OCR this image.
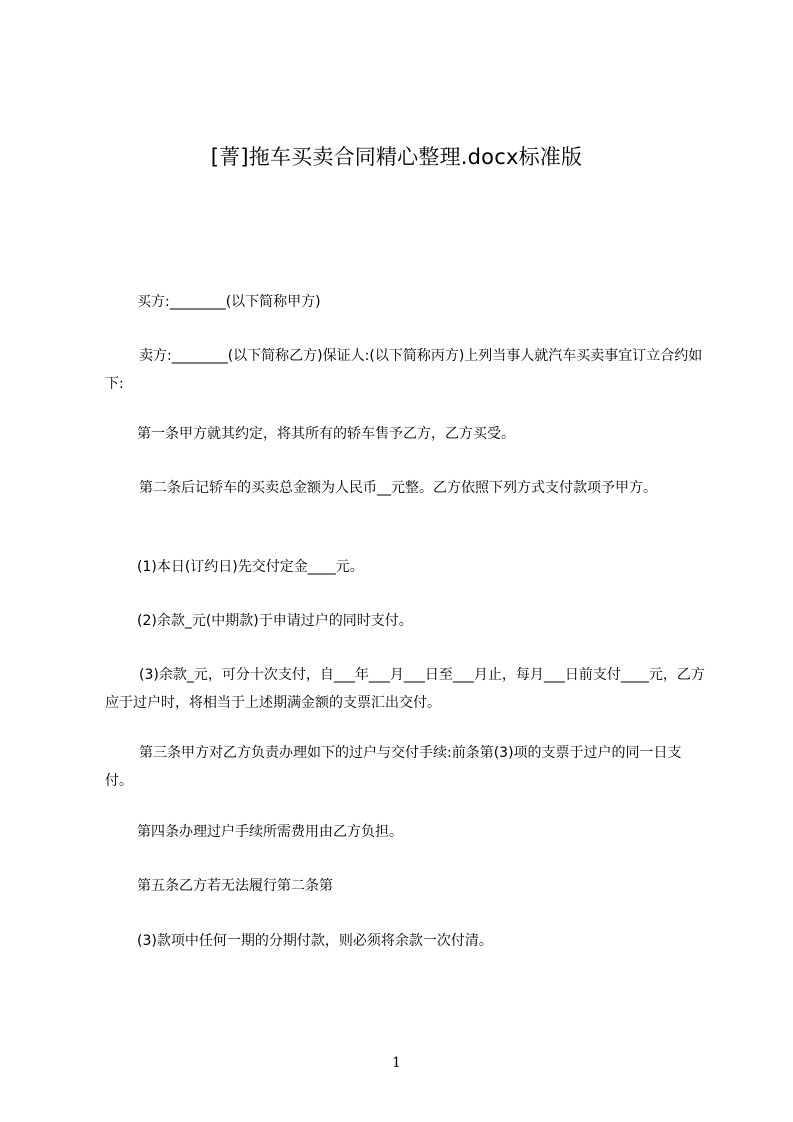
[菁]拖车买卖合同精心整理.docx标准版

买方:________(以下简称甲方)

卖方:________(以下简称乙方)保证人:(以下简称丙方)上列当事人就汽车买卖事宜订立合约如下:

第一条甲方就其约定，将其所有的轿车售予乙方，乙方买受。

第二条后记轿车的买卖总金额为人民币__元整。乙方依照下列方式支付款项予甲方。

(1)本日(订约日)先交付定金____元。

(2)余款_元(中期款)于申请过户的同时支付。

(3)余款_元，可分十次支付，自___年___月___日至___月止，每月___日前支付____元，乙方应于过户时，将相当于上述期满金额的支票汇出交付。

第三条甲方对乙方负责办理如下的过户与交付手续:前条第(3)项的支票于过户的同一日支付。

第四条办理过户手续所需费用由乙方负担。

第五条乙方若无法履行第二条第

(3)款项中任何一期的分期付款，则必须将余款一次付清。

1
